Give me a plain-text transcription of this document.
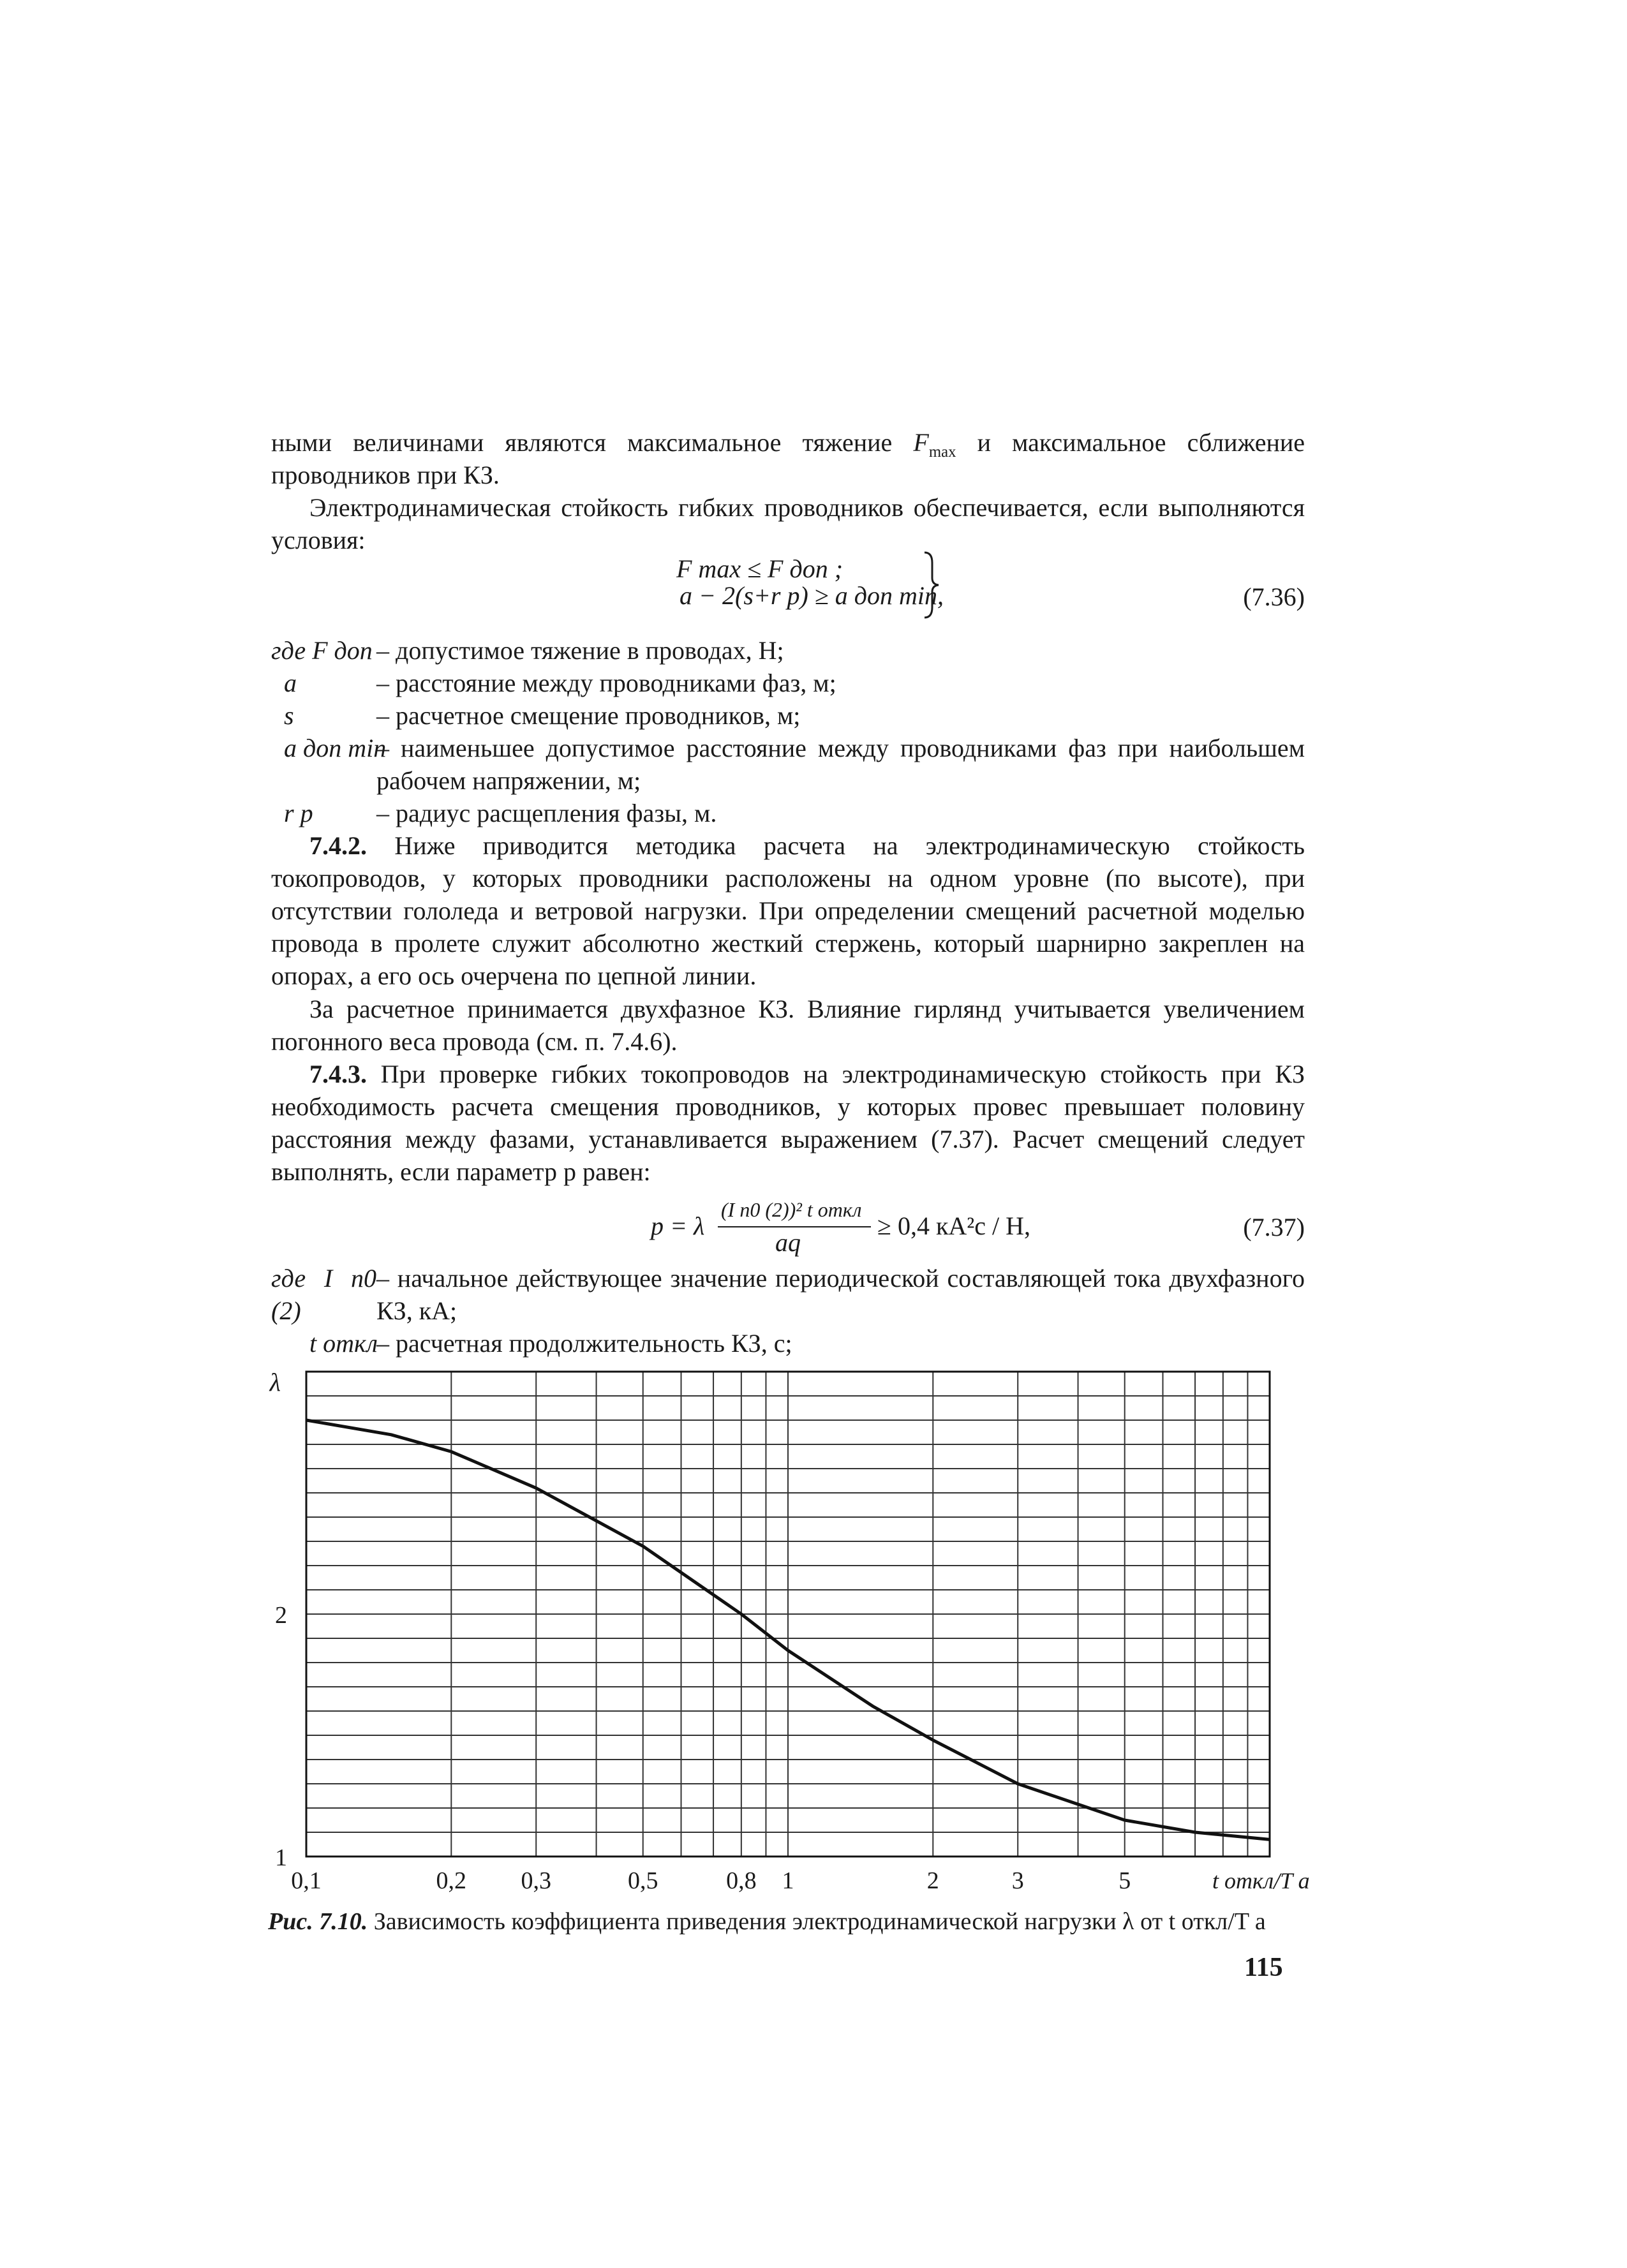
ными величинами являются максимальное тяжение $F_{max}$ и максимальное сближение проводников при КЗ.

Электродинамическая стойкость гибких проводников обеспечивается, если выполняются условия:

F max ≤ F доп ;
a − 2(s+r p) ≥ a доп min,	(7.36)
где F доп – допустимое тяжение в проводах, Н;
a	– расстояние между проводниками фаз, м;
s	– расчетное смещение проводников, м;
a доп min
– наименьшее допустимое расстояние между проводниками фаз при наибольшем рабочем напряжении, м;
r p	– радиус расщепления фазы, м.

7.4.2. Ниже приводится методика расчета на электродинамическую стойкость токопроводов, у которых проводники расположены на одном уровне (по высоте), при отсутствии гололеда и ветровой нагрузки. При определении смещений расчетной моделью провода в пролете служит абсолютно жесткий стержень, который шарнирно закреплен на опорах, а его ось очерчена по цепной линии.

За расчетное принимается двухфазное КЗ. Влияние гирлянд учитывается увеличением погонного веса провода (см. п. 7.4.6).

7.4.3. При проверке гибких токопроводов на электродинамическую стойкость при КЗ необходимость расчета смещения проводников, у которых провес превышает половину расстояния между фазами, устанавливается выражением (7.37). Расчет смещений следует выполнять, если параметр p равен:

p = λ
(I п0 (2))² t откл
aq
≥ 0,4 кА²с / Н,	(7.37)
где I п0 (2)
– начальное действующее значение периодической составляющей тока двухфазного КЗ, кА;
t откл
– расчетная продолжительность КЗ, с;
0,1	0,2 0,3	0,5	0,8 1	2	3	5
1
2
λ
t откл/T a
Рис. 7.10. Зависимость коэффициента приведения электродинамической нагрузки λ от t откл/T a
115
